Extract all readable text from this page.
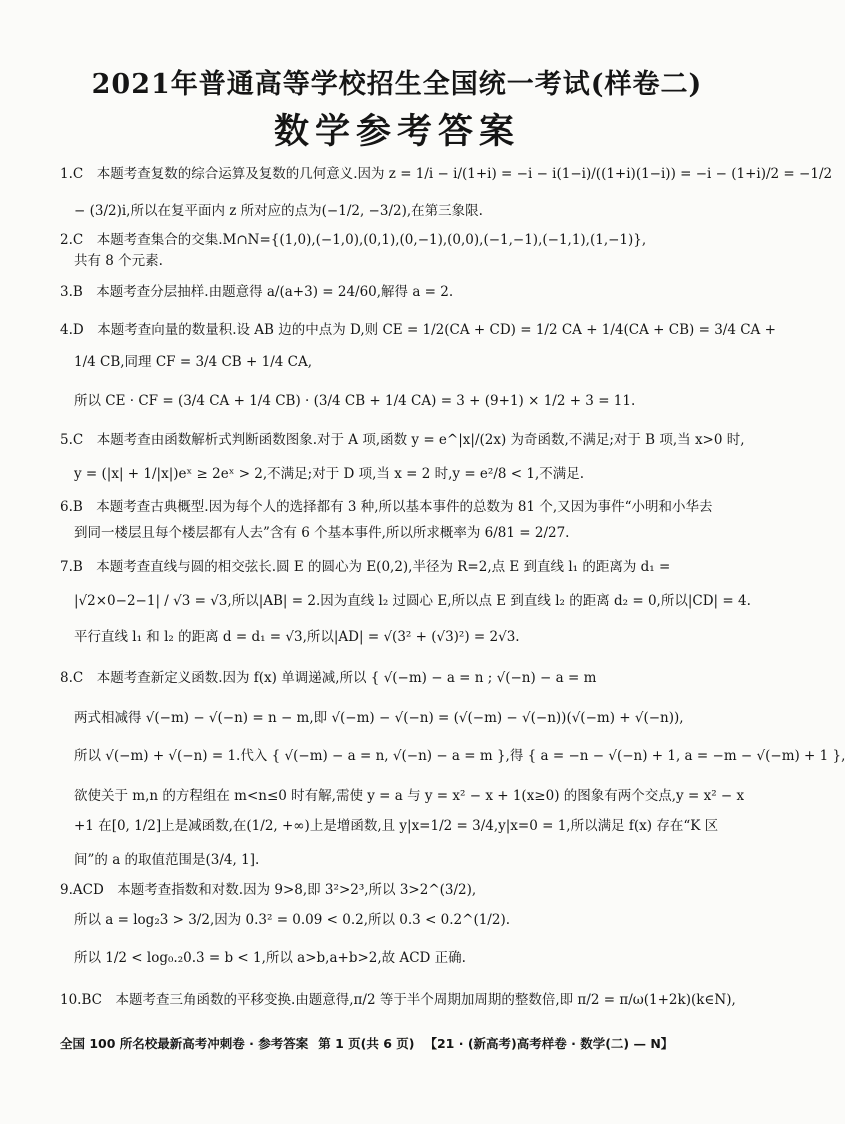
2021年普通高等学校招生全国统一考试(样卷二)
数学参考答案
1.C　本题考查复数的综合运算及复数的几何意义.因为 z = 1/i − i/(1+i) = −i − i(1−i)/((1+i)(1−i)) = −i − (1+i)/2 = −1/2
− (3/2)i,所以在复平面内 z 所对应的点为(−1/2, −3/2),在第三象限.
2.C　本题考查集合的交集.M∩N={(1,0),(−1,0),(0,1),(0,−1),(0,0),(−1,−1),(−1,1),(1,−1)},
共有 8 个元素.
3.B　本题考查分层抽样.由题意得 a/(a+3) = 24/60,解得 a = 2.
4.D　本题考查向量的数量积.设 AB 边的中点为 D,则 CE = 1/2(CA + CD) = 1/2 CA + 1/4(CA + CB) = 3/4 CA +
1/4 CB,同理 CF = 3/4 CB + 1/4 CA,
所以 CE · CF = (3/4 CA + 1/4 CB) · (3/4 CB + 1/4 CA) = 3 + (9+1) × 1/2 + 3 = 11.
5.C　本题考查由函数解析式判断函数图象.对于 A 项,函数 y = e^|x|/(2x) 为奇函数,不满足;对于 B 项,当 x>0 时,
y = (|x| + 1/|x|)eˣ ≥ 2eˣ > 2,不满足;对于 D 项,当 x = 2 时,y = e²/8 < 1,不满足.
6.B　本题考查古典概型.因为每个人的选择都有 3 种,所以基本事件的总数为 81 个,又因为事件“小明和小华去
到同一楼层且每个楼层都有人去”含有 6 个基本事件,所以所求概率为 6/81 = 2/27.
7.B　本题考查直线与圆的相交弦长.圆 E 的圆心为 E(0,2),半径为 R=2,点 E 到直线 l₁ 的距离为 d₁ =
|√2×0−2−1| / √3 = √3,所以|AB| = 2.因为直线 l₂ 过圆心 E,所以点 E 到直线 l₂ 的距离 d₂ = 0,所以|CD| = 4.
平行直线 l₁ 和 l₂ 的距离 d = d₁ = √3,所以|AD| = √(3² + (√3)²) = 2√3.
8.C　本题考查新定义函数.因为 f(x) 单调递减,所以 { √(−m) − a = n ; √(−n) − a = m
两式相减得 √(−m) − √(−n) = n − m,即 √(−m) − √(−n) = (√(−m) − √(−n))(√(−m) + √(−n)),
所以 √(−m) + √(−n) = 1.代入 { √(−m) − a = n, √(−n) − a = m },得 { a = −n − √(−n) + 1, a = −m − √(−m) + 1 },
欲使关于 m,n 的方程组在 m<n≤0 时有解,需使 y = a 与 y = x² − x + 1(x≥0) 的图象有两个交点,y = x² − x
+1 在[0, 1/2]上是减函数,在(1/2, +∞)上是增函数,且 y|x=1/2 = 3/4,y|x=0 = 1,所以满足 f(x) 存在“K 区
间”的 a 的取值范围是(3/4, 1].
9.ACD　本题考查指数和对数.因为 9>8,即 3²>2³,所以 3>2^(3/2),
所以 a = log₂3 > 3/2,因为 0.3² = 0.09 < 0.2,所以 0.3 < 0.2^(1/2).
所以 1/2 < log₀.₂0.3 = b < 1,所以 a>b,a+b>2,故 ACD 正确.
10.BC　本题考查三角函数的平移变换.由题意得,π/2 等于半个周期加周期的整数倍,即 π/2 = π/ω(1+2k)(k∈N),
全国 100 所名校最新高考冲刺卷 · 参考答案 第 1 页(共 6 页) 【21 · (新高考)高考样卷 · 数学(二) — N】
